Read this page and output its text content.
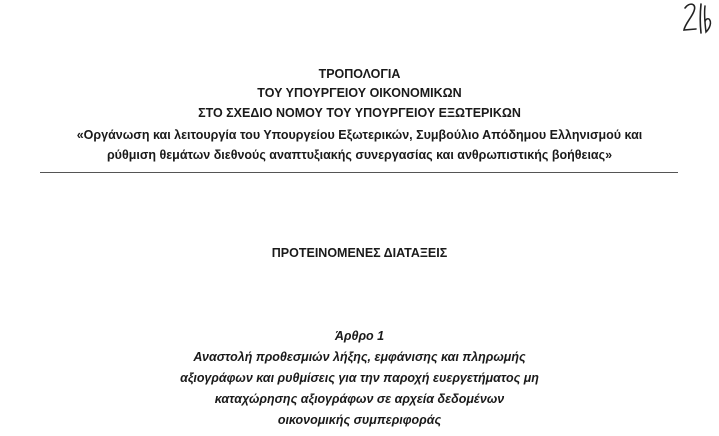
ΤΡΟΠΟΛΟΓΙΑ
ΤΟΥ ΥΠΟΥΡΓΕΙΟΥ ΟΙΚΟΝΟΜΙΚΩΝ
ΣΤΟ ΣΧΕΔΙΟ ΝΟΜΟΥ ΤΟΥ ΥΠΟΥΡΓΕΙΟΥ ΕΞΩΤΕΡΙΚΩΝ
«Οργάνωση και λειτουργία του Υπουργείου Εξωτερικών, Συμβούλιο Απόδημου Ελληνισμού και
ρύθμιση θεμάτων διεθνούς αναπτυξιακής συνεργασίας και ανθρωπιστικής βοήθειας»
ΠΡΟΤΕΙΝΟΜΕΝΕΣ ΔΙΑΤΑΞΕΙΣ
Άρθρο 1
Αναστολή προθεσμιών λήξης, εμφάνισης και πληρωμής
αξιογράφων και ρυθμίσεις για την παροχή ευεργετήματος μη
καταχώρησης αξιογράφων σε αρχεία δεδομένων
οικονομικής συμπεριφοράς
